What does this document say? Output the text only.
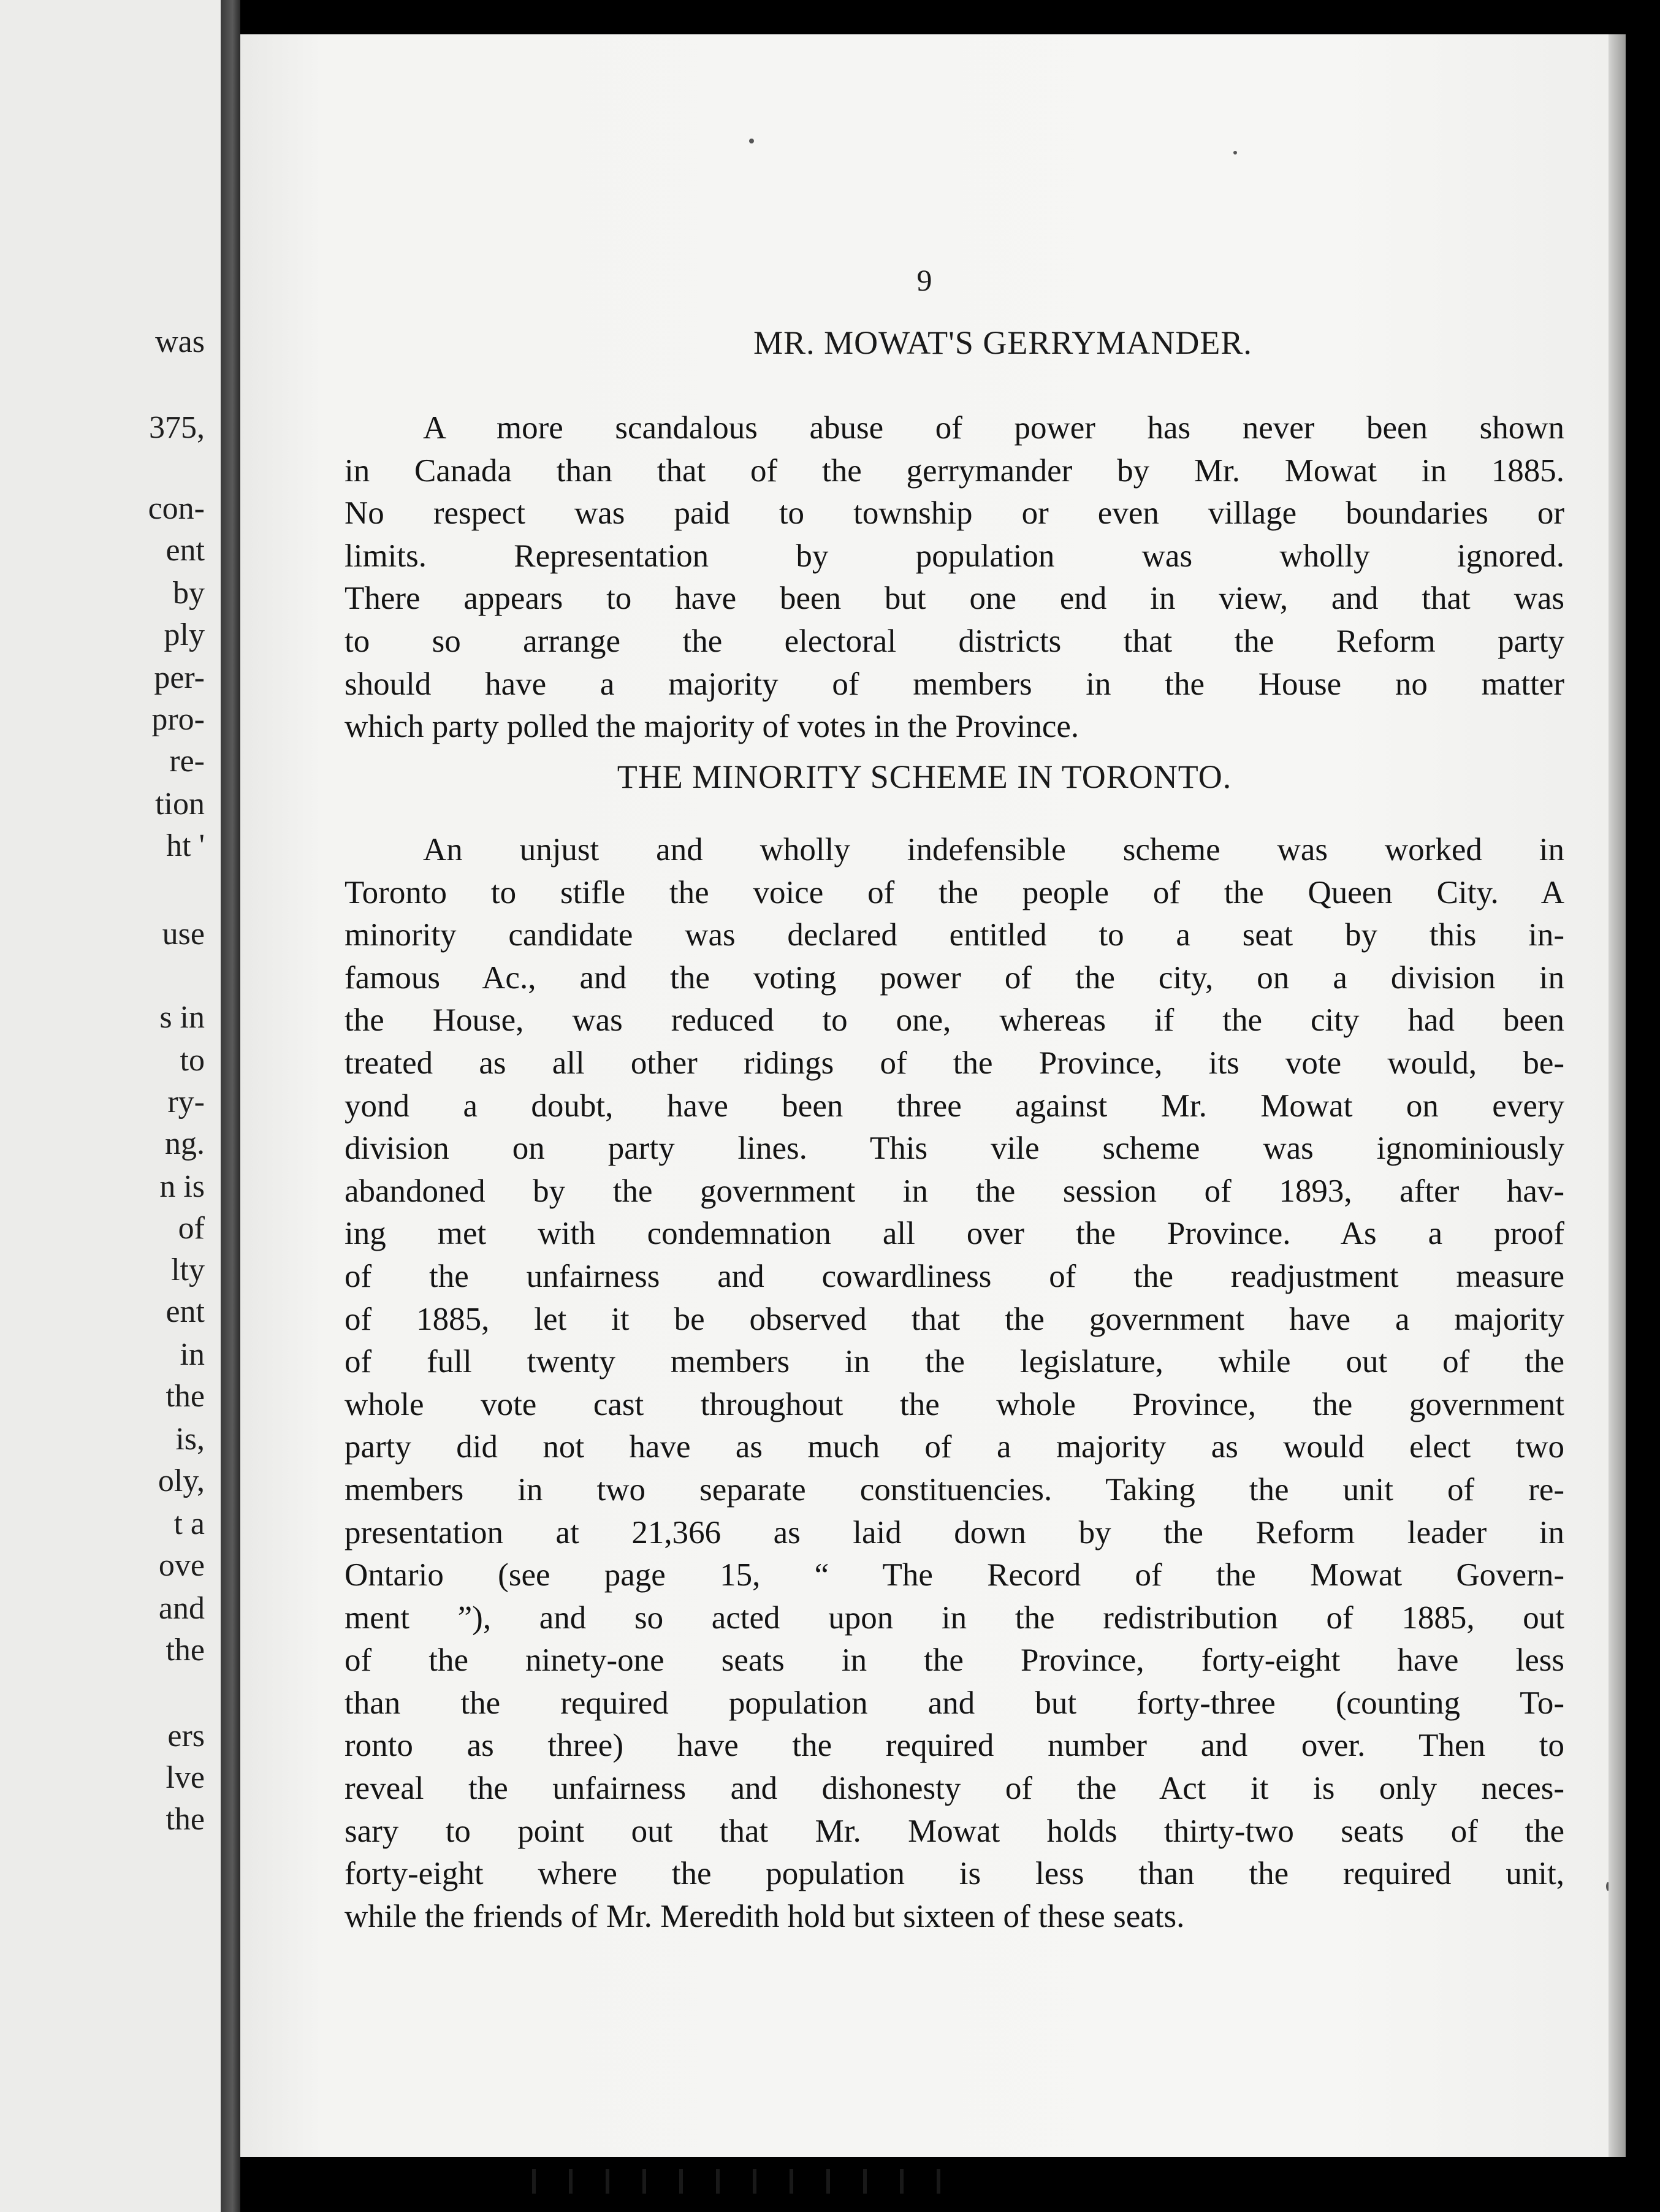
was
375,
con-
ent
by
ply
per-
pro-
re-
tion
ht '
use
s in
to
ry-
ng.
n is
of
lty
ent
in
the
is,
oly,
t a
ove
and
the
ers
lve
the
9
MR. MOWAT'S GERRYMANDER.
A more scandalous abuse of power has never been shown
in Canada than that of the gerrymander by Mr. Mowat in 1885.
No respect was paid to township or even village boundaries or
limits. Representation by population was wholly ignored.
There appears to have been but one end in view, and that was
to so arrange the electoral districts that the Reform party
should have a majority of members in the House no matter
which party polled the majority of votes in the Province.
THE MINORITY SCHEME IN TORONTO.
An unjust and wholly indefensible scheme was worked in
Toronto to stifle the voice of the people of the Queen City. A
minority candidate was declared entitled to a seat by this in-
famous Ac., and the voting power of the city, on a division in
the House, was reduced to one, whereas if the city had been
treated as all other ridings of the Province, its vote would, be-
yond a doubt, have been three against Mr. Mowat on every
division on party lines. This vile scheme was ignominiously
abandoned by the government in the session of 1893, after hav-
ing met with condemnation all over the Province. As a proof
of the unfairness and cowardliness of the readjustment measure
of 1885, let it be observed that the government have a majority
of full twenty members in the legislature, while out of the
whole vote cast throughout the whole Province, the government
party did not have as much of a majority as would elect two
members in two separate constituencies. Taking the unit of re-
presentation at 21,366 as laid down by the Reform leader in
Ontario (see page 15, “ The Record of the Mowat Govern-
ment ”), and so acted upon in the redistribution of 1885, out
of the ninety-one seats in the Province, forty-eight have less
than the required population and but forty-three (counting To-
ronto as three) have the required number and over. Then to
reveal the unfairness and dishonesty of the Act it is only neces-
sary to point out that Mr. Mowat holds thirty-two seats of the
forty-eight where the population is less than the required unit,
while the friends of Mr. Meredith hold but sixteen of these seats.
